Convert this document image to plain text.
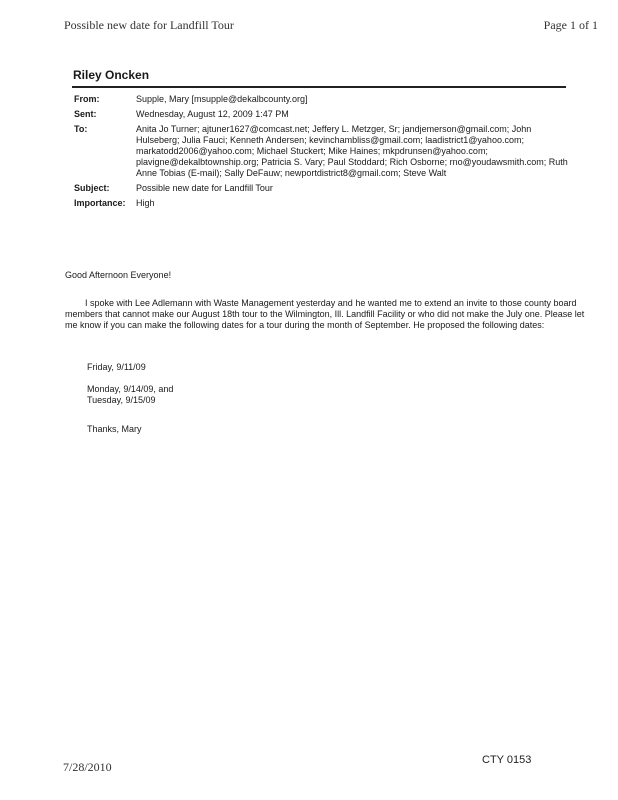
Possible new date for Landfill Tour	Page 1 of 1
Riley Oncken
From:	Supple, Mary [msupple@dekalbcounty.org]
Sent:	Wednesday, August 12, 2009 1:47 PM
To:	Anita Jo Turner; ajtuner1627@comcast.net; Jeffery L. Metzger, Sr; jandjemerson@gmail.com; John Hulseberg; Julia Fauci; Kenneth Andersen; kevinchambliss@gmail.com; laadistrict1@yahoo.com; markatodd2006@yahoo.com; Michael Stuckert; Mike Haines; mkpdrunsen@yahoo.com; plavigne@dekalbtownship.org; Patricia S. Vary; Paul Stoddard; Rich Osborne; rno@youdawsmith.com; Ruth Anne Tobias (E-mail); Sally DeFauw; newportdistrict8@gmail.com; Steve Walt
Subject:	Possible new date for Landfill Tour
Importance:	High

Good Afternoon Everyone!

I spoke with Lee Adlemann with Waste Management yesterday and he wanted me to extend an invite to those county board members that cannot make our August 18th tour to the Wilmington, Ill. Landfill Facility or who did not make the July one. Please let me know if you can make the following dates for a tour during the month of September. He proposed the following dates:

Friday, 9/11/09

Monday, 9/14/09, and

Tuesday, 9/15/09

Thanks, Mary

7/28/2010	CTY 0153
